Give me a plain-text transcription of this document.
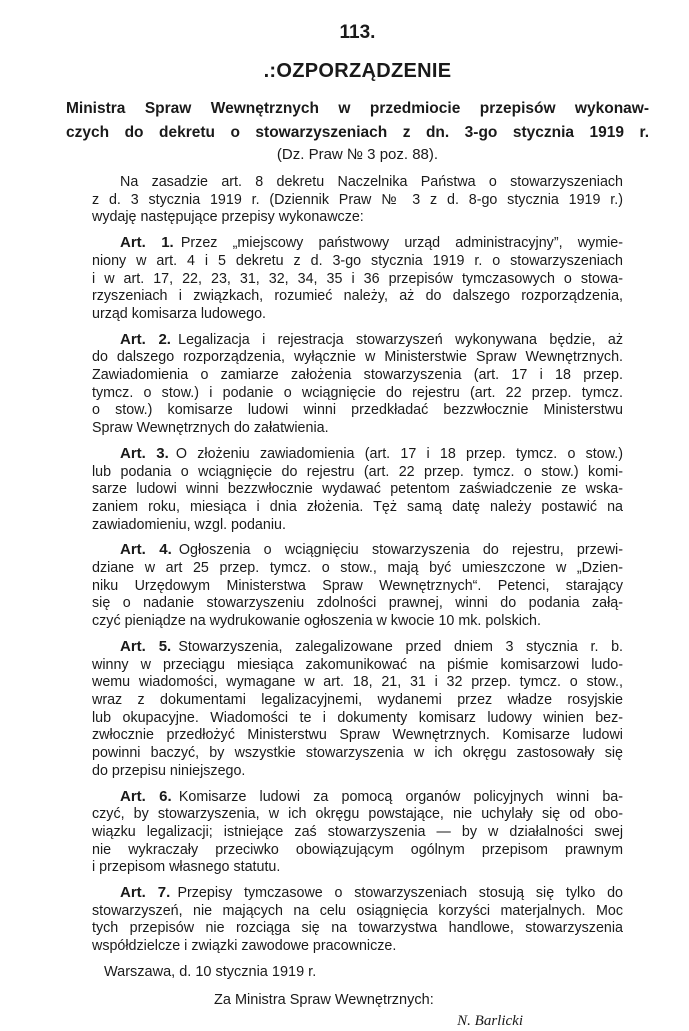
113.
.:OZPORZĄDZENIE
Ministra Spraw Wewnętrznych w przedmiocie przepisów wykonaw-
czych do dekretu o stowarzyszeniach z dn. 3-go stycznia 1919 r.
(Dz. Praw № 3 poz. 88).
Na zasadzie art. 8 dekretu Naczelnika Państwa o stowarzyszeniach
z d. 3 stycznia 1919 r. (Dziennik Praw № 3 z d. 8-go stycznia 1919 r.)
wydaję następujące przepisy wykonawcze:
Art. 1.  Przez „miejscowy państwowy urząd administracyjny”, wymie-
niony w art. 4 i 5 dekretu z d. 3-go stycznia 1919 r. o stowarzyszeniach
i w art. 17, 22, 23, 31, 32, 34, 35 i 36 przepisów tymczasowych o stowa-
rzyszeniach i związkach, rozumieć należy, aż do dalszego rozporządzenia,
urząd komisarza ludowego.
Art. 2.  Legalizacja i rejestracja stowarzyszeń wykonywana będzie, aż
do dalszego rozporządzenia, wyłącznie w Ministerstwie Spraw Wewnętrznych.
Zawiadomienia o zamiarze założenia stowarzyszenia (art. 17 i 18 przep.
tymcz. o stow.) i podanie o wciągnięcie do rejestru (art. 22 przep. tymcz.
o stow.) komisarze ludowi winni przedkładać bezzwłocznie Ministerstwu
Spraw Wewnętrznych do załatwienia.
Art. 3.  O złożeniu zawiadomienia (art. 17 i 18 przep. tymcz. o stow.)
lub podania o wciągnięcie do rejestru (art. 22 przep. tymcz. o stow.) komi-
sarze ludowi winni bezzwłocznie wydawać petentom zaświadczenie ze wska-
zaniem roku, miesiąca i dnia złożenia. Tęż samą datę należy postawić na
zawiadomieniu, wzgl. podaniu.
Art. 4.  Ogłoszenia o wciągnięciu stowarzyszenia do rejestru, przewi-
dziane w art 25 przep. tymcz. o stow., mają być umieszczone w „Dzien-
niku Urzędowym Ministerstwa Spraw Wewnętrznych“. Petenci, starający
się o nadanie stowarzyszeniu zdolności prawnej, winni do podania załą-
czyć pieniądze na wydrukowanie ogłoszenia w kwocie 10 mk. polskich.
Art. 5.  Stowarzyszenia, zalegalizowane przed dniem 3 stycznia r. b.
winny w przeciągu miesiąca zakomunikować na piśmie komisarzowi ludo-
wemu wiadomości, wymagane w art. 18, 21, 31 i 32 przep. tymcz. o stow.,
wraz z dokumentami legalizacyjnemi, wydanemi przez władze rosyjskie
lub okupacyjne. Wiadomości te i dokumenty komisarz ludowy winien bez-
zwłocznie przedłożyć Ministerstwu Spraw Wewnętrznych. Komisarze ludowi
powinni baczyć, by wszystkie stowarzyszenia w ich okręgu zastosowały się
do przepisu niniejszego.
Art. 6.  Komisarze ludowi za pomocą organów policyjnych winni ba-
czyć, by stowarzyszenia, w ich okręgu powstające, nie uchylały się od obo-
wiązku legalizacji; istniejące zaś stowarzyszenia — by w działalności swej
nie wykraczały przeciwko obowiązującym ogólnym przepisom prawnym
i przepisom własnego statutu.
Art. 7.  Przepisy tymczasowe o stowarzyszeniach stosują się tylko do
stowarzyszeń, nie mających na celu osiągnięcia korzyści materjalnych. Moc
tych przepisów nie rozciąga się na towarzystwa handlowe, stowarzyszenia
współdzielcze i związki zawodowe pracownicze.
Warszawa, d. 10 stycznia 1919 r.
Za Ministra Spraw Wewnętrznych:
N. Barlicki
